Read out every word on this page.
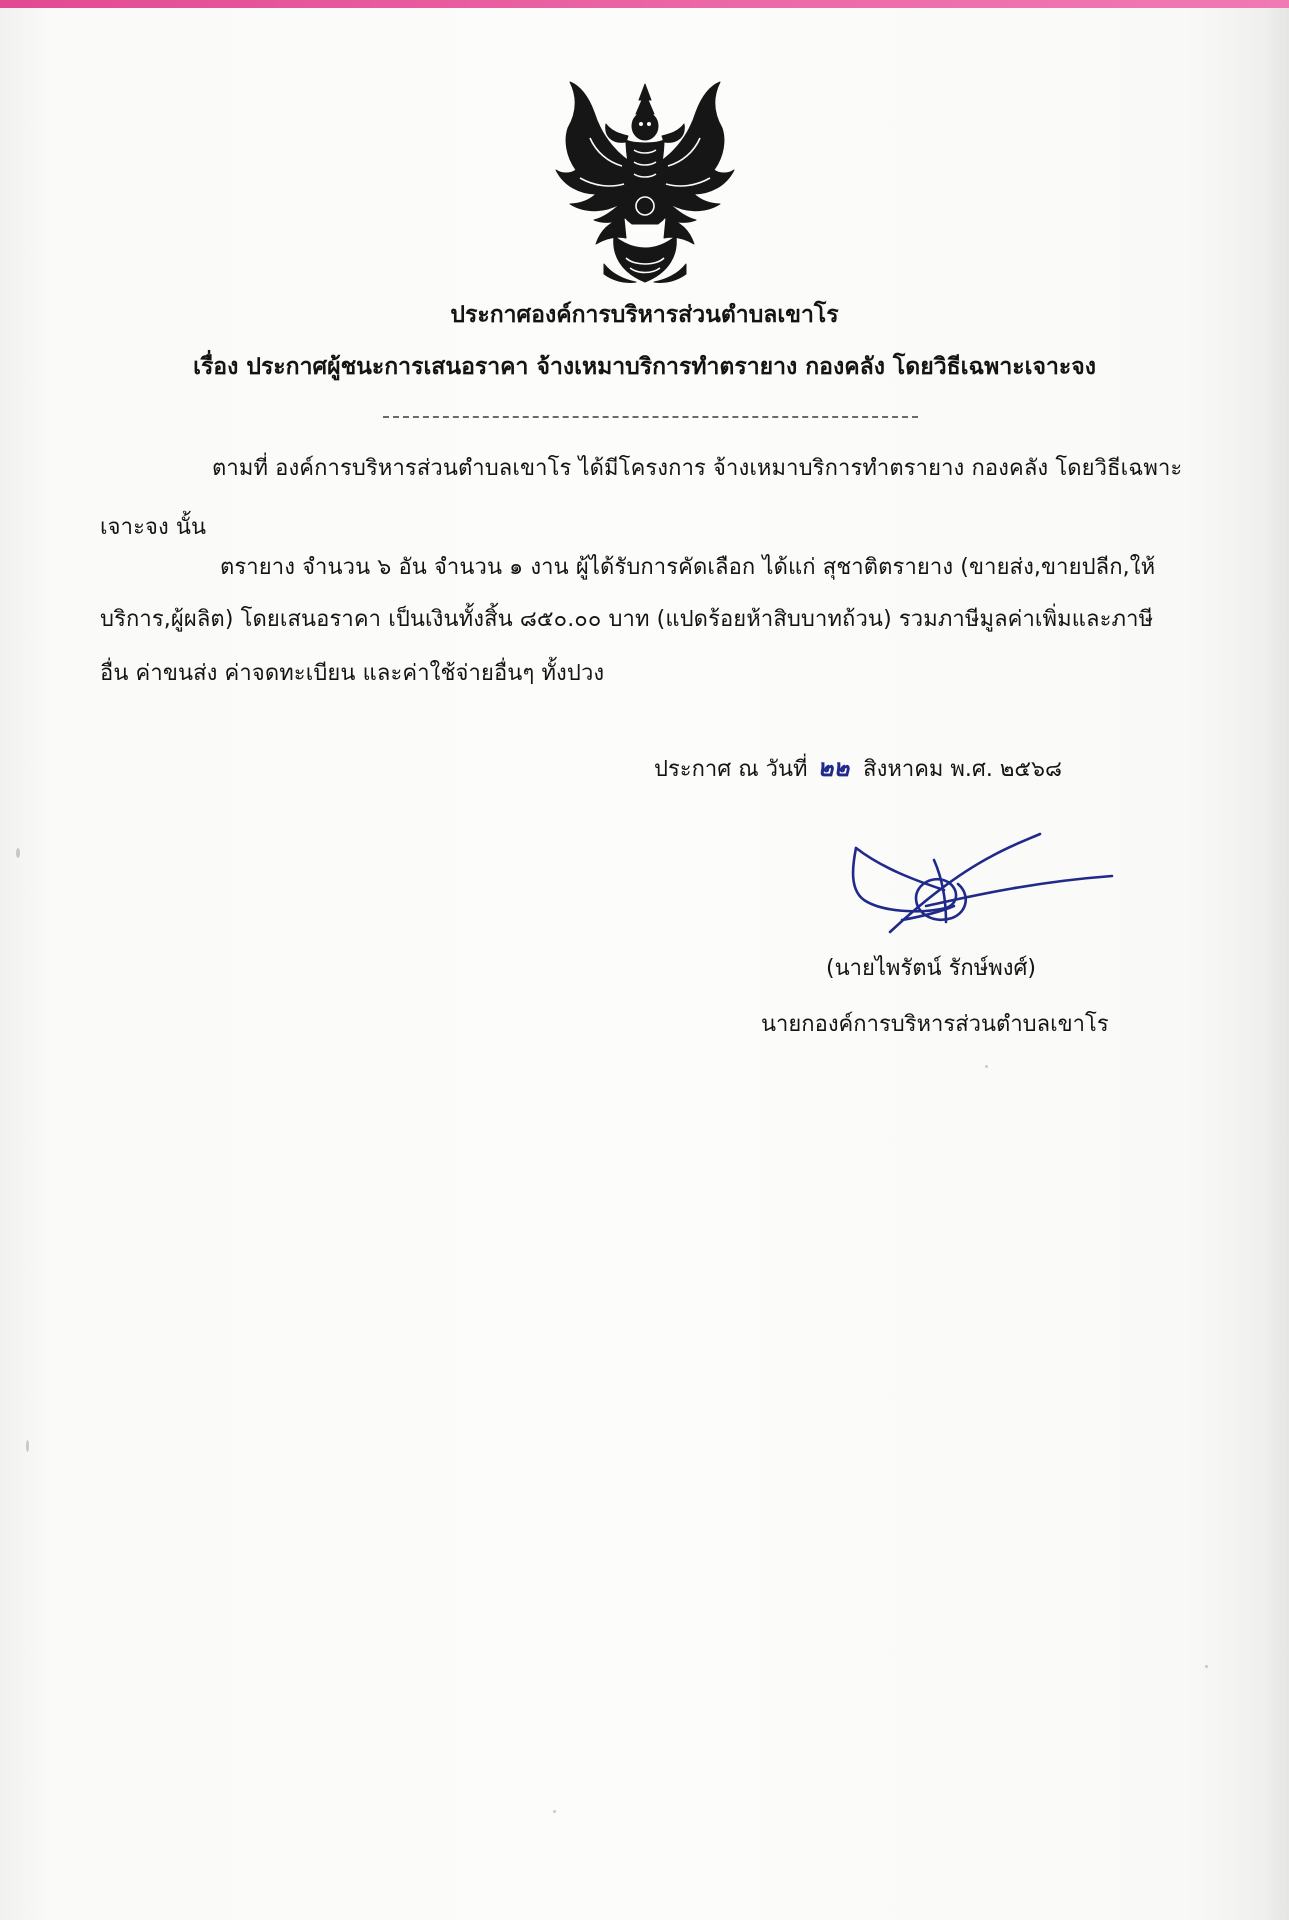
ประกาศองค์การบริหารส่วนตำบลเขาโร
เรื่อง ประกาศผู้ชนะการเสนอราคา จ้างเหมาบริการทำตรายาง กองคลัง โดยวิธีเฉพาะเจาะจง
ตามที่ องค์การบริหารส่วนตำบลเขาโร ได้มีโครงการ จ้างเหมาบริการทำตรายาง กองคลัง โดยวิธีเฉพาะ
เจาะจง นั้น
ตรายาง จำนวน ๖ อัน จำนวน ๑ งาน ผู้ได้รับการคัดเลือก ได้แก่ สุชาติตรายาง (ขายส่ง,ขายปลีก,ให้
บริการ,ผู้ผลิต) โดยเสนอราคา เป็นเงินทั้งสิ้น ๘๕๐.๐๐ บาท (แปดร้อยห้าสิบบาทถ้วน) รวมภาษีมูลค่าเพิ่มและภาษี
อื่น ค่าขนส่ง ค่าจดทะเบียน และค่าใช้จ่ายอื่นๆ ทั้งปวง
ประกาศ ณ วันที่ ๒๒ สิงหาคม พ.ศ. ๒๕๖๘
(นายไพรัตน์ รักษ์พงศ์)
นายกองค์การบริหารส่วนตำบลเขาโร
